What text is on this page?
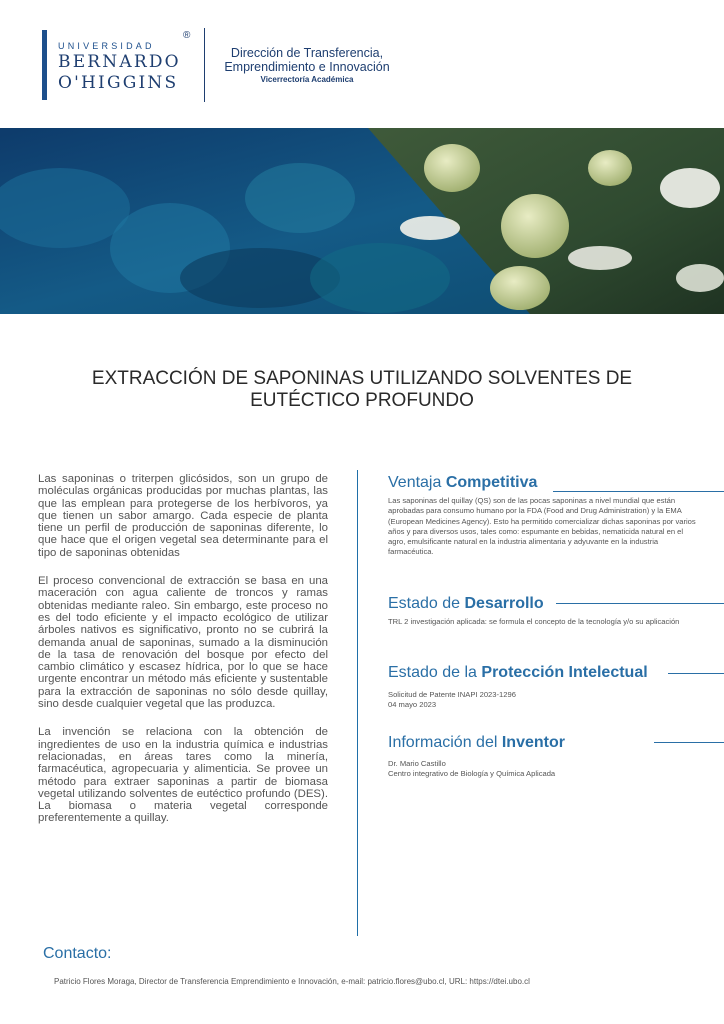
UNIVERSIDAD
BERNARDO
O'HIGGINS
®
Dirección de Transferencia, Emprendimiento e Innovación
Vicerrectoría Académica
EXTRACCIÓN DE SAPONINAS UTILIZANDO SOLVENTES DE EUTÉCTICO PROFUNDO

Las saponinas o triterpen glicósidos, son un grupo de moléculas orgánicas producidas por muchas plantas, las que las emplean para protegerse de los herbívoros, ya que tienen un sabor amargo. Cada especie de planta tiene un perfil de producción de saponinas diferente, lo que hace que el origen vegetal sea determinante para el tipo de saponinas obtenidas

El proceso convencional de extracción se basa en una maceración con agua caliente de troncos y ramas obtenidas mediante raleo. Sin embargo, este proceso no es del todo eficiente y el impacto ecológico de utilizar árboles nativos es significativo, pronto no se cubrirá la demanda anual de saponinas, sumado a la disminución de la tasa de renovación del bosque por efecto del cambio climático y escasez hídrica, por lo que se hace urgente encontrar un método más eficiente y sustentable para la extracción de saponinas no sólo desde quillay, sino desde cualquier vegetal que las produzca.

La invención se relaciona con la obtención de ingredientes de uso en la industria química e industrias relacionadas, en áreas tares como la minería, farmacéutica, agropecuaria y alimenticia. Se provee un método para extraer saponinas a partir de biomasa vegetal utilizando solventes de eutéctico profundo (DES). La biomasa o materia vegetal corresponde preferentemente a quillay.

Ventaja Competitiva
Las saponinas del quillay (QS) son de las pocas saponinas a nivel mundial que están aprobadas para consumo humano por la FDA (Food and Drug Administration) y la EMA (European Medicines Agency). Esto ha permitido comercializar dichas saponinas por varios años y para diversos usos, tales como: espumante en bebidas, nematicida natural en el agro, emulsificante natural en la industria alimentaria y adyuvante en la industria farmacéutica.
Estado de Desarrollo
TRL 2 investigación aplicada: se formula el concepto de la tecnología y/o su aplicación
Estado de la Protección Intelectual
Solicitud de Patente INAPI 2023-1296
04 mayo 2023
Información del Inventor
Dr. Mario Castillo
Centro integrativo de Biología y Química Aplicada
Contacto:
Patricio Flores Moraga, Director de Transferencia Emprendimiento e Innovación, e-mail: patricio.flores@ubo.cl, URL: https://dtei.ubo.cl
